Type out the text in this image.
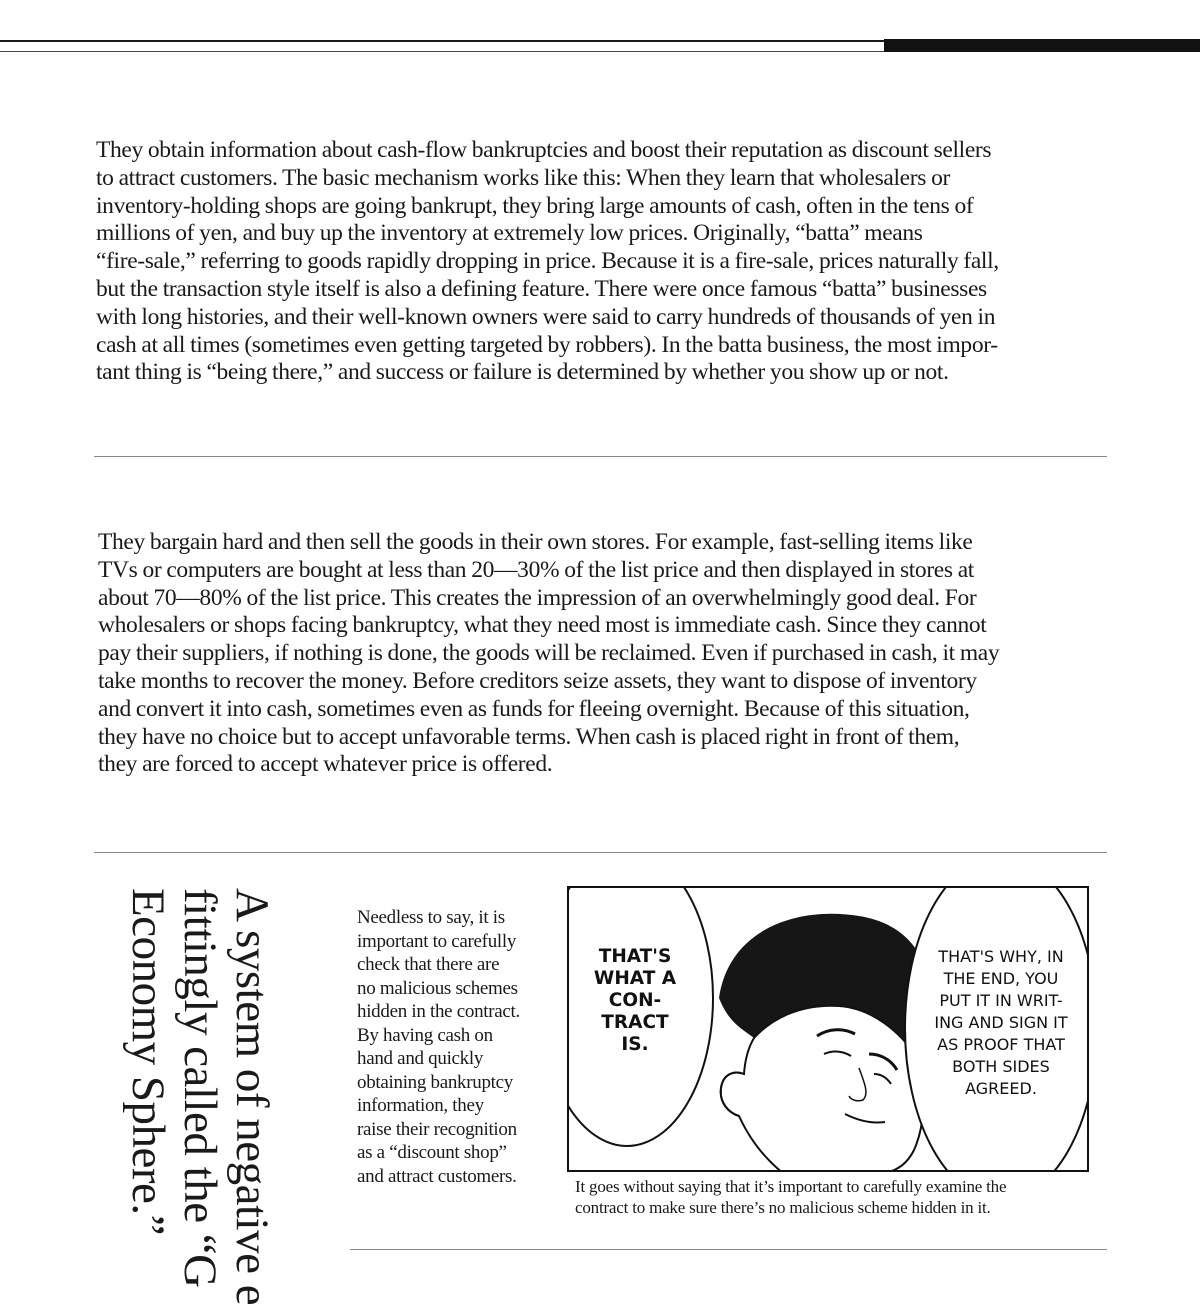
They obtain information about cash-flow bankruptcies and boost their reputation as discount sellers
to attract customers. The basic mechanism works like this: When they learn that wholesalers or
inventory-holding shops are going bankrupt, they bring large amounts of cash, often in the tens of
millions of yen, and buy up the inventory at extremely low prices. Originally, “batta” means
“fire-sale,” referring to goods rapidly dropping in price. Because it is a fire-sale, prices naturally fall,
but the transaction style itself is also a defining feature. There were once famous “batta” businesses
with long histories, and their well-known owners were said to carry hundreds of thousands of yen in
cash at all times (sometimes even getting targeted by robbers). In the batta business, the most impor-
tant thing is “being there,” and success or failure is determined by whether you show up or not.

They bargain hard and then sell the goods in their own stores. For example, fast-selling items like
TVs or computers are bought at less than 20—30% of the list price and then displayed in stores at
about 70—80% of the list price. This creates the impression of an overwhelmingly good deal. For
wholesalers or shops facing bankruptcy, what they need most is immediate cash. Since they cannot
pay their suppliers, if nothing is done, the goods will be reclaimed. Even if purchased in cash, it may
take months to recover the money. Before creditors seize assets, they want to dispose of inventory
and convert it into cash, sometimes even as funds for fleeing overnight. Because of this situation,
they have no choice but to accept unfavorable terms. When cash is placed right in front of them,
they are forced to accept whatever price is offered.

A system of negative e
fittingly called the “G
Economy Sphere.”	Needless to say, it is
important to carefully
check that there are
no malicious schemes
hidden in the contract.
By having cash on
hand and quickly
obtaining bankruptcy
information, they
raise their recognition
as a “discount shop”
and attract customers.

THAT'S
WHAT A
CON-
TRACT
IS.
THAT'S WHY, IN
THE END, YOU
PUT IT IN WRIT-
ING AND SIGN IT
AS PROOF THAT
BOTH SIDES
AGREED.

It goes without saying that it’s important to carefully examine the
contract to make sure there’s no malicious scheme hidden in it.
